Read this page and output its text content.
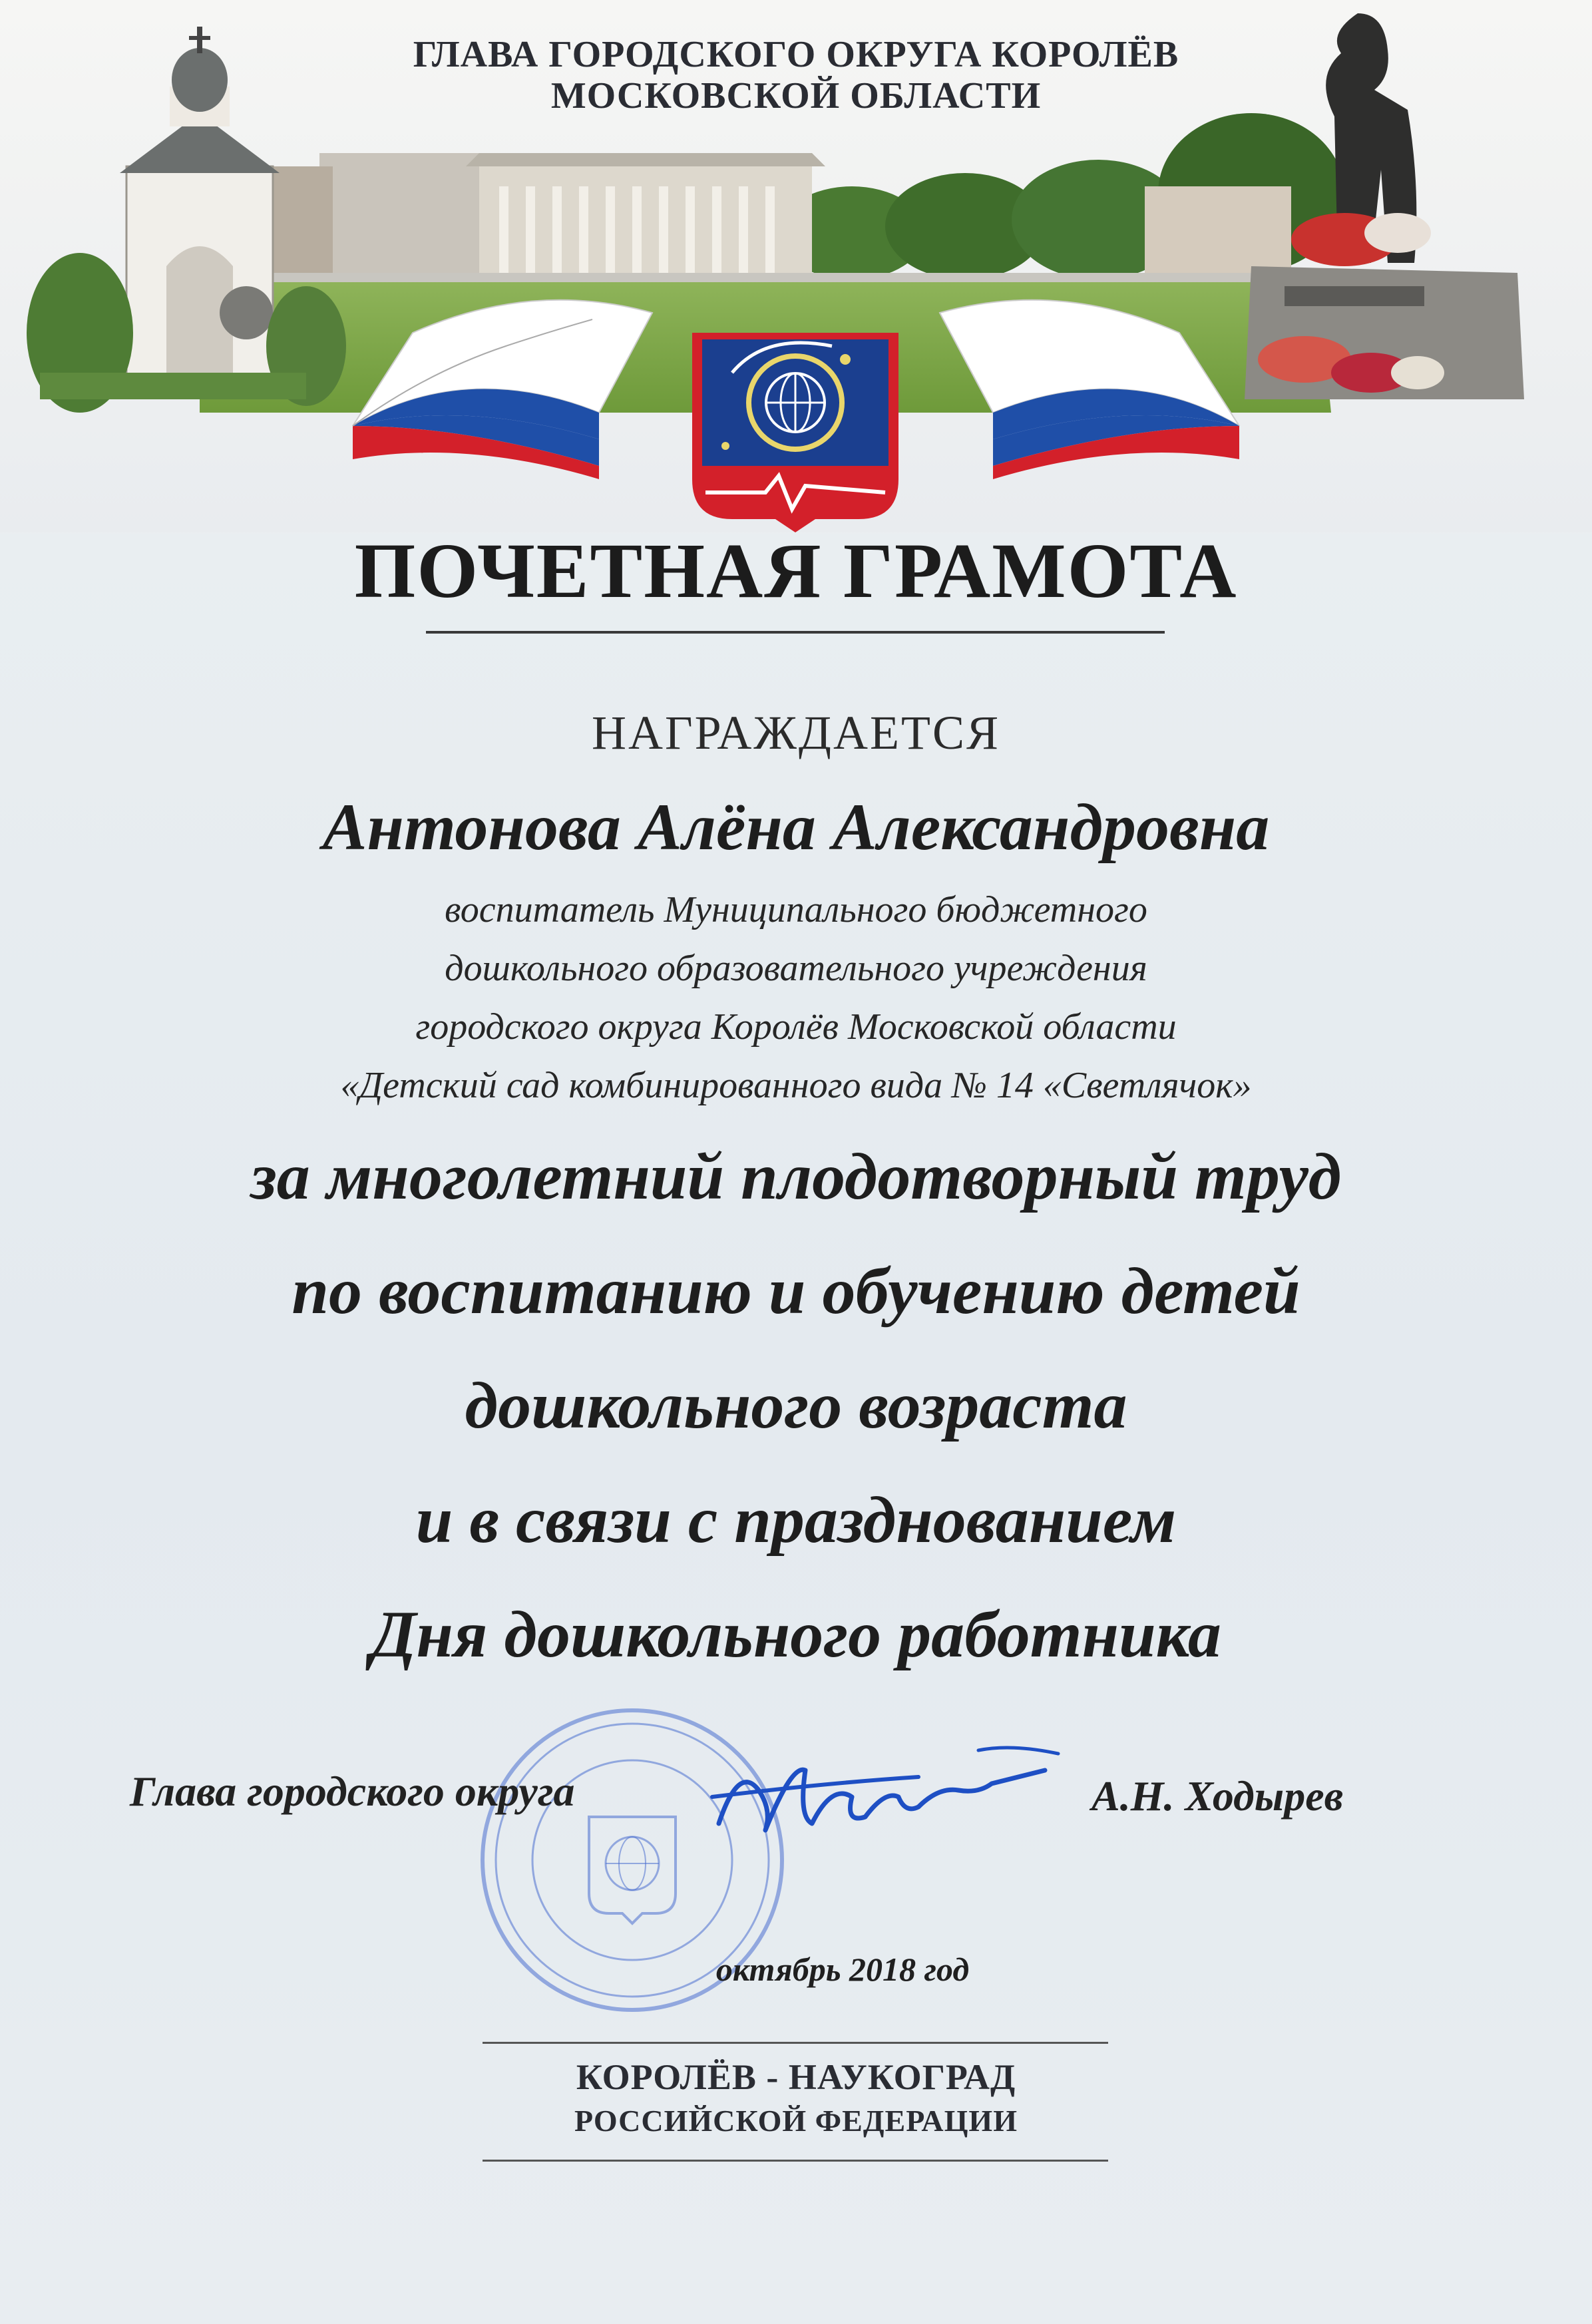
ГЛАВА ГОРОДСКОГО ОКРУГА КОРОЛЁВ
МОСКОВСКОЙ ОБЛАСТИ
ПОЧЕТНАЯ ГРАМОТА
НАГРАЖДАЕТСЯ
Антонова Алёна Александровна
воспитатель Муниципального бюджетного
дошкольного образовательного учреждения
городского округа Королёв Московской области
«Детский сад комбинированного вида № 14 «Светлячок»
за многолетний плодотворный труд
по воспитанию и обучению детей
дошкольного возраста
и в связи с празднованием
Дня дошкольного работника
Глава городского округа	А.Н. Ходырев
октябрь 2018 год
КОРОЛЁВ - НАУКОГРАД
РОССИЙСКОЙ ФЕДЕРАЦИИ
